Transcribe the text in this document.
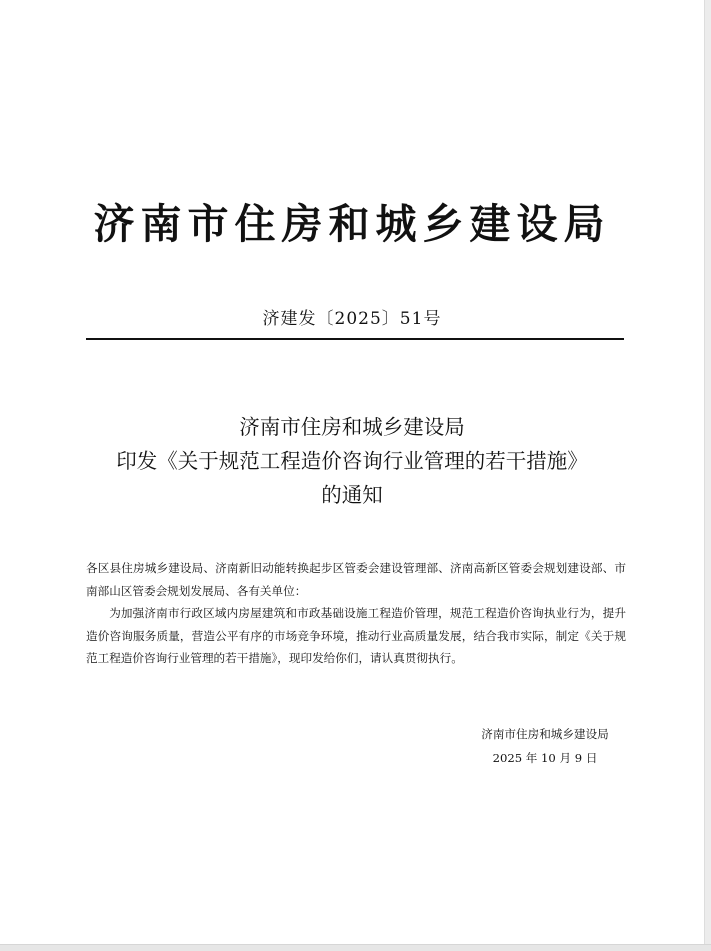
济南市住房和城乡建设局
济建发〔2025〕51号
济南市住房和城乡建设局
印发《关于规范工程造价咨询行业管理的若干措施》
的通知

各区县住房城乡建设局、济南新旧动能转换起步区管委会建设管理部、济南高新区管委会规划建设部、市南部山区管委会规划发展局、各有关单位：

为加强济南市行政区域内房屋建筑和市政基础设施工程造价管理，规范工程造价咨询执业行为，提升造价咨询服务质量，营造公平有序的市场竞争环境，推动行业高质量发展，结合我市实际，制定《关于规范工程造价咨询行业管理的若干措施》，现印发给你们，请认真贯彻执行。

济南市住房和城乡建设局
2025 年 10 月 9 日
